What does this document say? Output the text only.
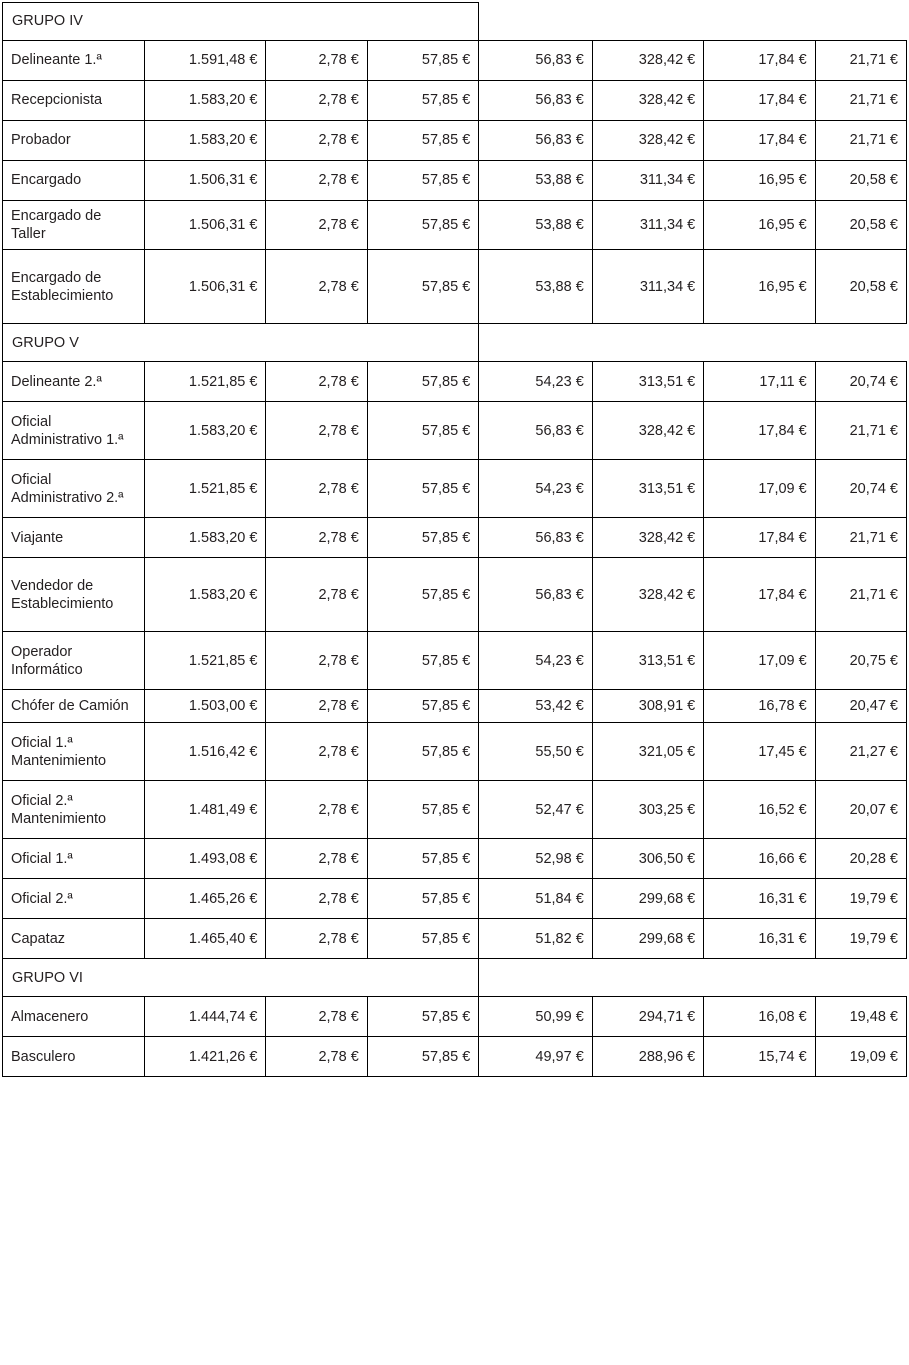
GRUPO IV							
Delineante 1.ª	1.591,48 €	2,78 €	57,85 €	56,83 €	328,42 €	17,84 €	21,71 €
Recepcionista	1.583,20 €	2,78 €	57,85 €	56,83 €	328,42 €	17,84 €	21,71 €
Probador	1.583,20 €	2,78 €	57,85 €	56,83 €	328,42 €	17,84 €	21,71 €
Encargado	1.506,31 €	2,78 €	57,85 €	53,88 €	311,34 €	16,95 €	20,58 €
Encargado de Taller	1.506,31 €	2,78 €	57,85 €	53,88 €	311,34 €	16,95 €	20,58 €
Encargado de Establecimiento	1.506,31 €	2,78 €	57,85 €	53,88 €	311,34 €	16,95 €	20,58 €
GRUPO V							
Delineante 2.ª	1.521,85 €	2,78 €	57,85 €	54,23 €	313,51 €	17,11 €	20,74 €
Oficial Administrativo 1.ª	1.583,20 €	2,78 €	57,85 €	56,83 €	328,42 €	17,84 €	21,71 €
Oficial Administrativo 2.ª	1.521,85 €	2,78 €	57,85 €	54,23 €	313,51 €	17,09 €	20,74 €
Viajante	1.583,20 €	2,78 €	57,85 €	56,83 €	328,42 €	17,84 €	21,71 €
Vendedor de Establecimiento	1.583,20 €	2,78 €	57,85 €	56,83 €	328,42 €	17,84 €	21,71 €
Operador Informático	1.521,85 €	2,78 €	57,85 €	54,23 €	313,51 €	17,09 €	20,75 €
Chófer de Camión	1.503,00 €	2,78 €	57,85 €	53,42 €	308,91 €	16,78 €	20,47 €
Oficial 1.ª Mantenimiento	1.516,42 €	2,78 €	57,85 €	55,50 €	321,05 €	17,45 €	21,27 €
Oficial 2.ª Mantenimiento	1.481,49 €	2,78 €	57,85 €	52,47 €	303,25 €	16,52 €	20,07 €
Oficial 1.ª	1.493,08 €	2,78 €	57,85 €	52,98 €	306,50 €	16,66 €	20,28 €
Oficial 2.ª	1.465,26 €	2,78 €	57,85 €	51,84 €	299,68 €	16,31 €	19,79 €
Capataz	1.465,40 €	2,78 €	57,85 €	51,82 €	299,68 €	16,31 €	19,79 €
GRUPO VI							
Almacenero	1.444,74 €	2,78 €	57,85 €	50,99 €	294,71 €	16,08 €	19,48 €
Basculero	1.421,26 €	2,78 €	57,85 €	49,97 €	288,96 €	15,74 €	19,09 €
